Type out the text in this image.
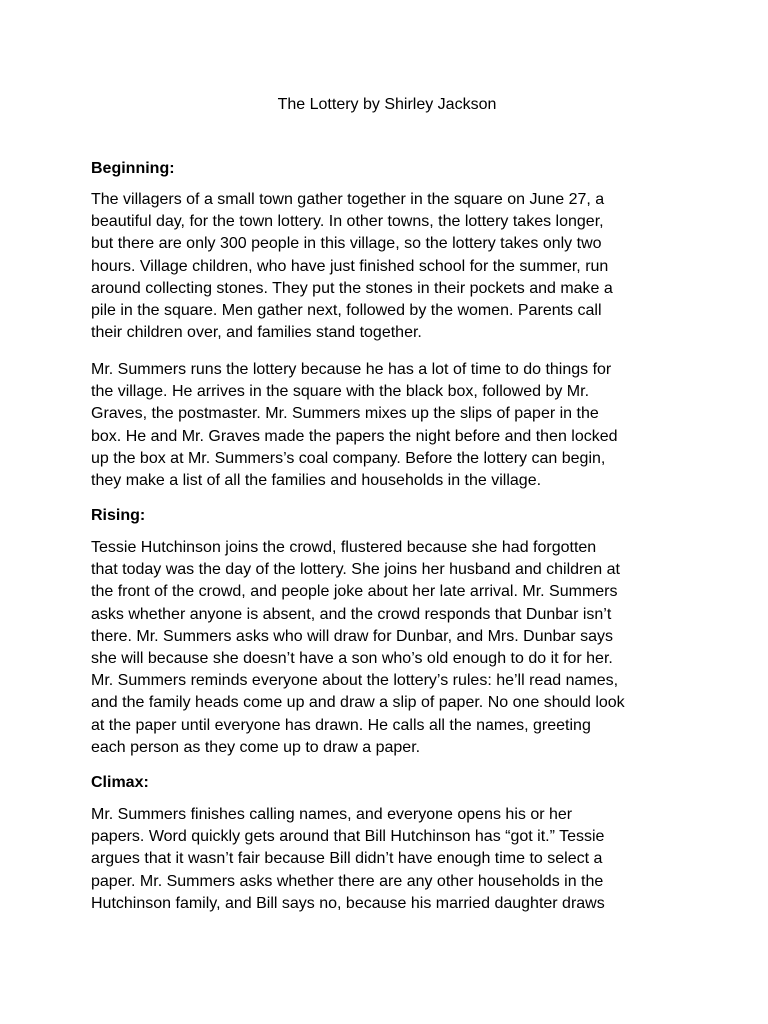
The Lottery by Shirley Jackson
Beginning:

The villagers of a small town gather together in the square on June 27, a
beautiful day, for the town lottery. In other towns, the lottery takes longer,
but there are only 300 people in this village, so the lottery takes only two
hours. Village children, who have just finished school for the summer, run
around collecting stones. They put the stones in their pockets and make a
pile in the square. Men gather next, followed by the women. Parents call
their children over, and families stand together.

Mr. Summers runs the lottery because he has a lot of time to do things for
the village. He arrives in the square with the black box, followed by Mr.
Graves, the postmaster. Mr. Summers mixes up the slips of paper in the
box. He and Mr. Graves made the papers the night before and then locked
up the box at Mr. Summers’s coal company. Before the lottery can begin,
they make a list of all the families and households in the village.

Rising:

Tessie Hutchinson joins the crowd, flustered because she had forgotten
that today was the day of the lottery. She joins her husband and children at
the front of the crowd, and people joke about her late arrival. Mr. Summers
asks whether anyone is absent, and the crowd responds that Dunbar isn’t
there. Mr. Summers asks who will draw for Dunbar, and Mrs. Dunbar says
she will because she doesn’t have a son who’s old enough to do it for her.
Mr. Summers reminds everyone about the lottery’s rules: he’ll read names,
and the family heads come up and draw a slip of paper. No one should look
at the paper until everyone has drawn. He calls all the names, greeting
each person as they come up to draw a paper.

Climax:

Mr. Summers finishes calling names, and everyone opens his or her
papers. Word quickly gets around that Bill Hutchinson has “got it.” Tessie
argues that it wasn’t fair because Bill didn’t have enough time to select a
paper. Mr. Summers asks whether there are any other households in the
Hutchinson family, and Bill says no, because his married daughter draws
